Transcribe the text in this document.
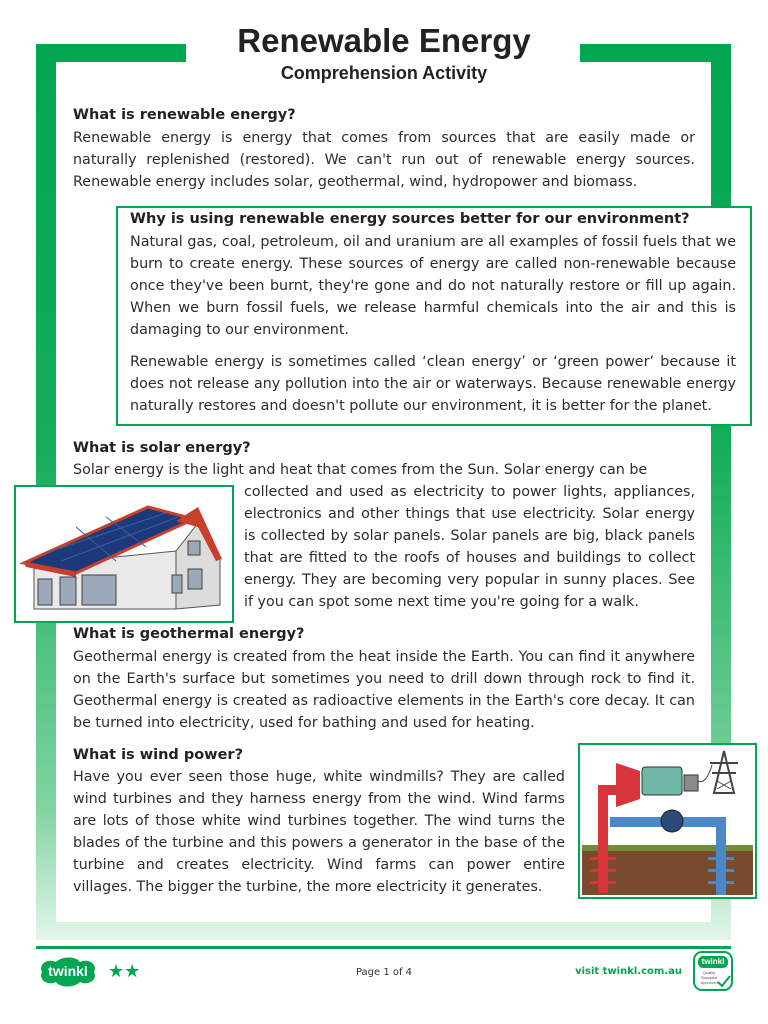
Renewable Energy
Comprehension Activity
What is renewable energy?

Renewable energy is energy that comes from sources that are easily made or naturally replenished (restored). We can't run out of renewable energy sources. Renewable energy includes solar, geothermal, wind, hydropower and biomass.

Why is using renewable energy sources better for our environment?

Natural gas, coal, petroleum, oil and uranium are all examples of fossil fuels that we burn to create energy. These sources of energy are called non-renewable because once they've been burnt, they're gone and do not naturally restore or fill up again. When we burn fossil fuels, we release harmful chemicals into the air and this is damaging to our environment.

Renewable energy is sometimes called ‘clean energy’ or ‘green power’ because it does not release any pollution into the air or waterways. Because renewable energy naturally restores and doesn't pollute our environment, it is better for the planet.

What is solar energy?

Solar energy is the light and heat that comes from the Sun. Solar energy can be

collected and used as electricity to power lights, appliances, electronics and other things that use electricity. Solar energy is collected by solar panels. Solar panels are big, black panels that are fitted to the roofs of houses and buildings to collect energy. They are becoming very popular in sunny places. See if you can spot some next time you're going for a walk.

What is geothermal energy?

Geothermal energy is created from the heat inside the Earth. You can find it anywhere on the Earth's surface but sometimes you need to drill down through rock to find it. Geothermal energy is created as radioactive elements in the Earth's core decay. It can be turned into electricity, used for bathing and used for heating.

What is wind power?

Have you ever seen those huge, white windmills? They are called wind turbines and they harness energy from the wind. Wind farms are lots of those white wind turbines together. The wind turns the blades of the turbine and this powers a generator in the base of the turbine and creates electricity. Wind farms can power entire villages. The bigger the turbine, the more electricity it generates.

twinkl	★★	Page 1 of 4	visit twinkl.com.au
twinkl
Quality Standard Approved
